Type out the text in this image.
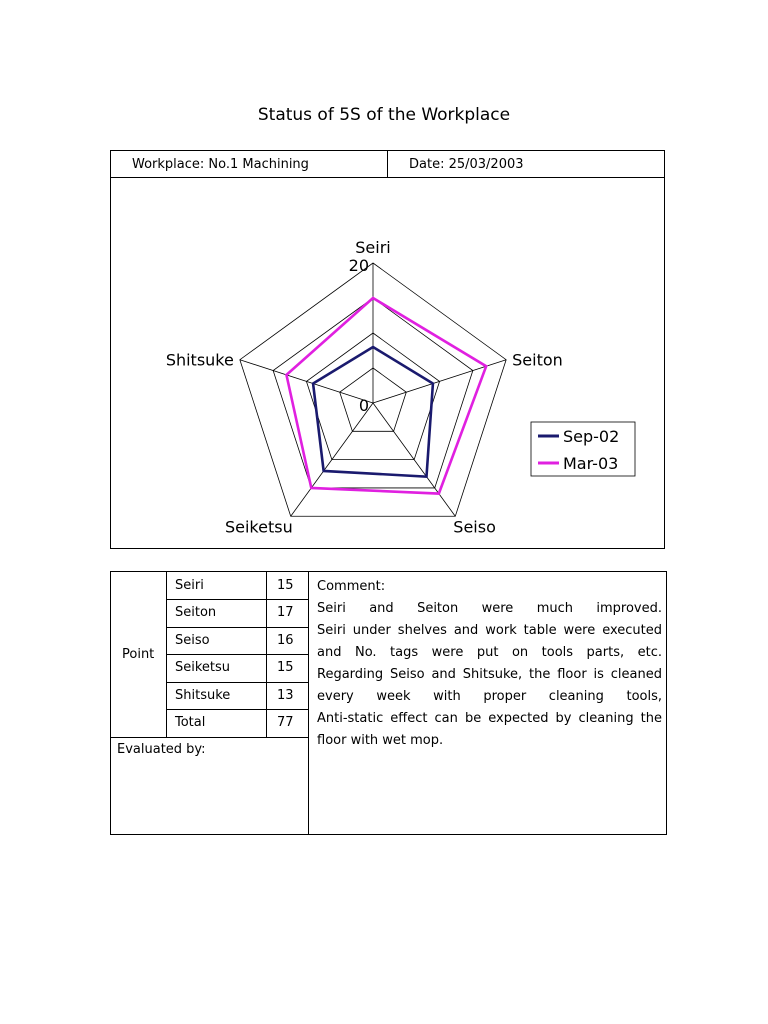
Status of 5S of the Workplace
Workplace: No.1 Machining	Date: 25/03/2003
Seiri
Seiton
Seiso
Seiketsu
Shitsuke
20
0
Sep-02
Mar-03
Point
Seiri	15
Seiton	17
Seiso	16
Seiketsu	15
Shitsuke	13
Total	77
Evaluated by:
Comment:
Seiri and Seiton were much improved.
Seiri under shelves and work table were executed
and No. tags were put on tools parts, etc.
Regarding Seiso and Shitsuke, the floor is cleaned
every week with proper cleaning tools,
Anti-static effect can be expected by cleaning the
floor with wet mop.
